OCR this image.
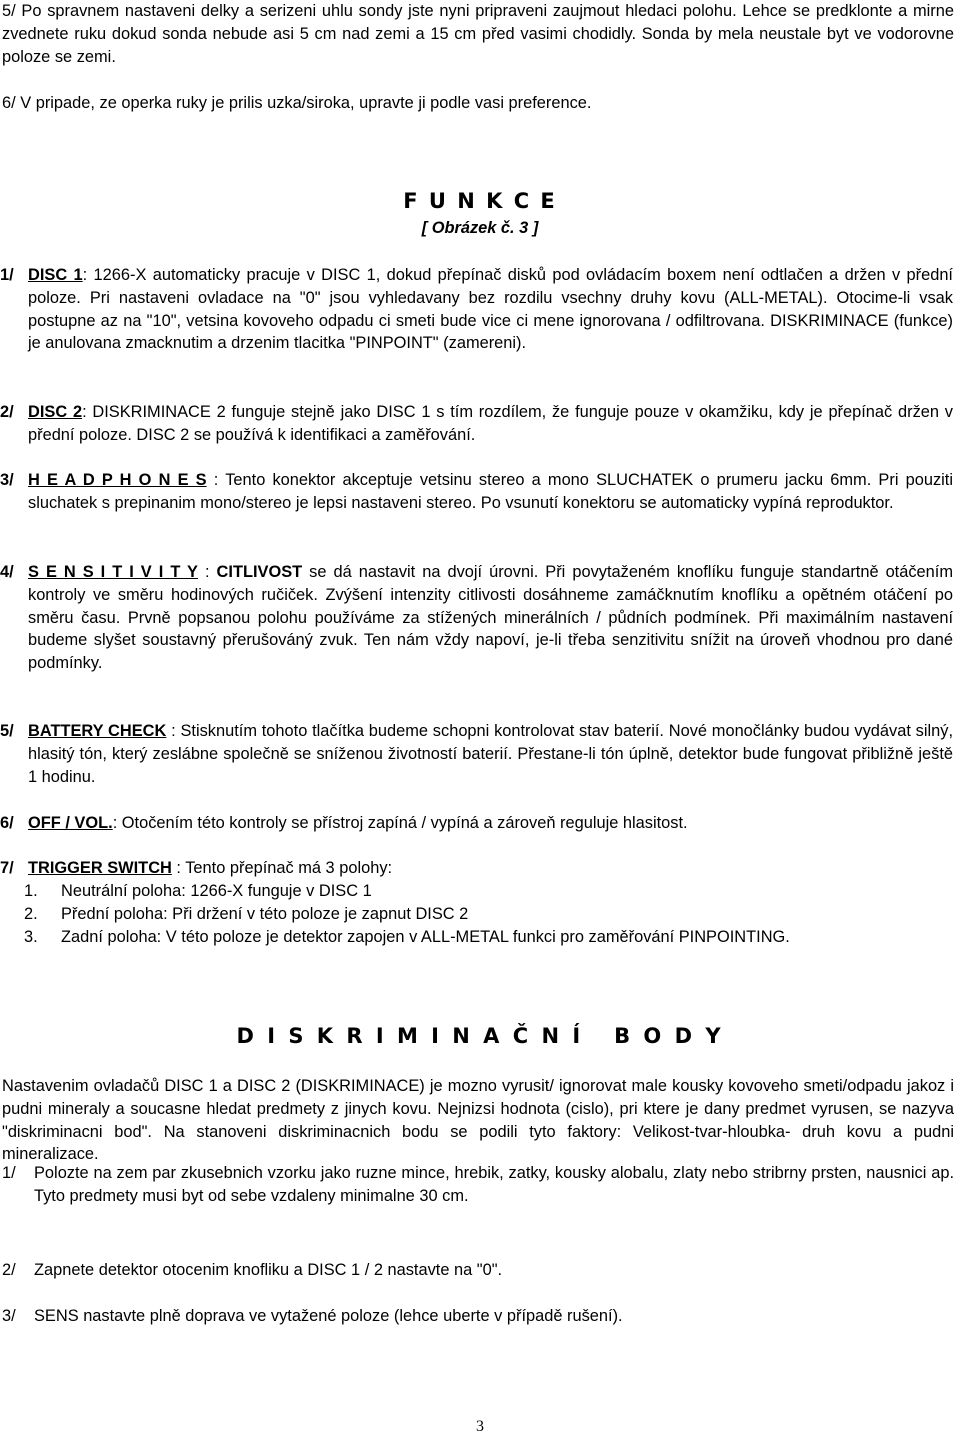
5/ Po spravnem nastaveni delky a serizeni uhlu sondy jste nyni pripraveni zaujmout hledaci polohu. Lehce se predklonte a mirne zvednete ruku dokud sonda nebude asi 5 cm nad zemi a 15 cm před vasimi chodidly. Sonda by mela neustale byt ve vodorovne poloze se zemi.
6/ V pripade, ze operka ruky je prilis uzka/siroka, upravte ji podle vasi preference.
F U N K C E
[ Obrázek č. 3 ]
1/ DISC 1: 1266-X automaticky pracuje v DISC 1, dokud přepínač disků pod ovládacím boxem není odtlačen a držen v přední poloze. Pri nastaveni ovladace na "0" jsou vyhledavany bez rozdilu vsechny druhy kovu (ALL-METAL). Otocime-li vsak postupne az na "10", vetsina kovoveho odpadu ci smeti bude vice ci mene ignorovana / odfiltrovana. DISKRIMINACE (funkce) je anulovana zmacknutim a drzenim tlacitka "PINPOINT" (zamereni).
2/ DISC 2: DISKRIMINACE 2 funguje stejně jako DISC 1 s tím rozdílem, že funguje pouze v okamžiku, kdy je přepínač držen v přední poloze. DISC 2 se používá k identifikaci a zaměřování.
3/ H E A D P H O N E S : Tento konektor akceptuje vetsinu stereo a mono SLUCHATEK o prumeru jacku 6mm. Pri pouziti sluchatek s prepinanim mono/stereo je lepsi nastaveni stereo. Po vsunutí konektoru se automaticky vypíná reproduktor.
4/ S E N S I T I V I T Y : CITLIVOST se dá nastavit na dvojí úrovni. Při povytaženém knoflíku funguje standartně otáčením kontroly ve směru hodinových ručiček. Zvýšení intenzity citlivosti dosáhneme zamáčknutím knoflíku a opětném otáčení po směru času. Prvně popsanou polohu používáme za stížených minerálních / půdních podmínek. Při maximálním nastavení budeme slyšet soustavný přerušováný zvuk. Ten nám vždy napoví, je-li třeba senzitivitu snížit na úroveň vhodnou pro dané podmínky.
5/ BATTERY CHECK : Stisknutím tohoto tlačítka budeme schopni kontrolovat stav baterií. Nové monočlánky budou vydávat silný, hlasitý tón, který zeslábne společně se sníženou životností baterií. Přestane-li tón úplně, detektor bude fungovat přibližně ještě 1 hodinu.
6/ OFF / VOL.: Otočením této kontroly se přístroj zapíná / vypíná a zároveň reguluje hlasitost.
7/ TRIGGER SWITCH : Tento přepínač má 3 polohy:
1. Neutrální poloha: 1266-X funguje v DISC 1
2. Přední poloha: Při držení v této poloze je zapnut DISC 2
3. Zadní poloha: V této poloze je detektor zapojen v ALL-METAL funkci pro zaměřování PINPOINTING.
D I S K R I M I N A Č N Í   B O D Y
Nastavenim ovladačů DISC 1 a DISC 2 (DISKRIMINACE) je mozno vyrusit/ ignorovat male kousky kovoveho smeti/odpadu jakoz i pudni mineraly a soucasne hledat predmety z jinych kovu. Nejnizsi hodnota (cislo), pri ktere je dany predmet vyrusen, se nazyva "diskriminacni bod". Na stanoveni diskriminacnich bodu se podili tyto faktory: Velikost-tvar-hloubka- druh kovu a pudni mineralizace.
1/ Polozte na zem par zkusebnich vzorku jako ruzne mince, hrebik, zatky, kousky alobalu, zlaty nebo stribrny prsten, nausnici ap. Tyto predmety musi byt od sebe vzdaleny minimalne 30 cm.
2/ Zapnete detektor otocenim knofliku a DISC 1 / 2 nastavte na "0".
3/ SENS nastavte plně doprava ve vytažené poloze (lehce uberte v případě rušení).
3
